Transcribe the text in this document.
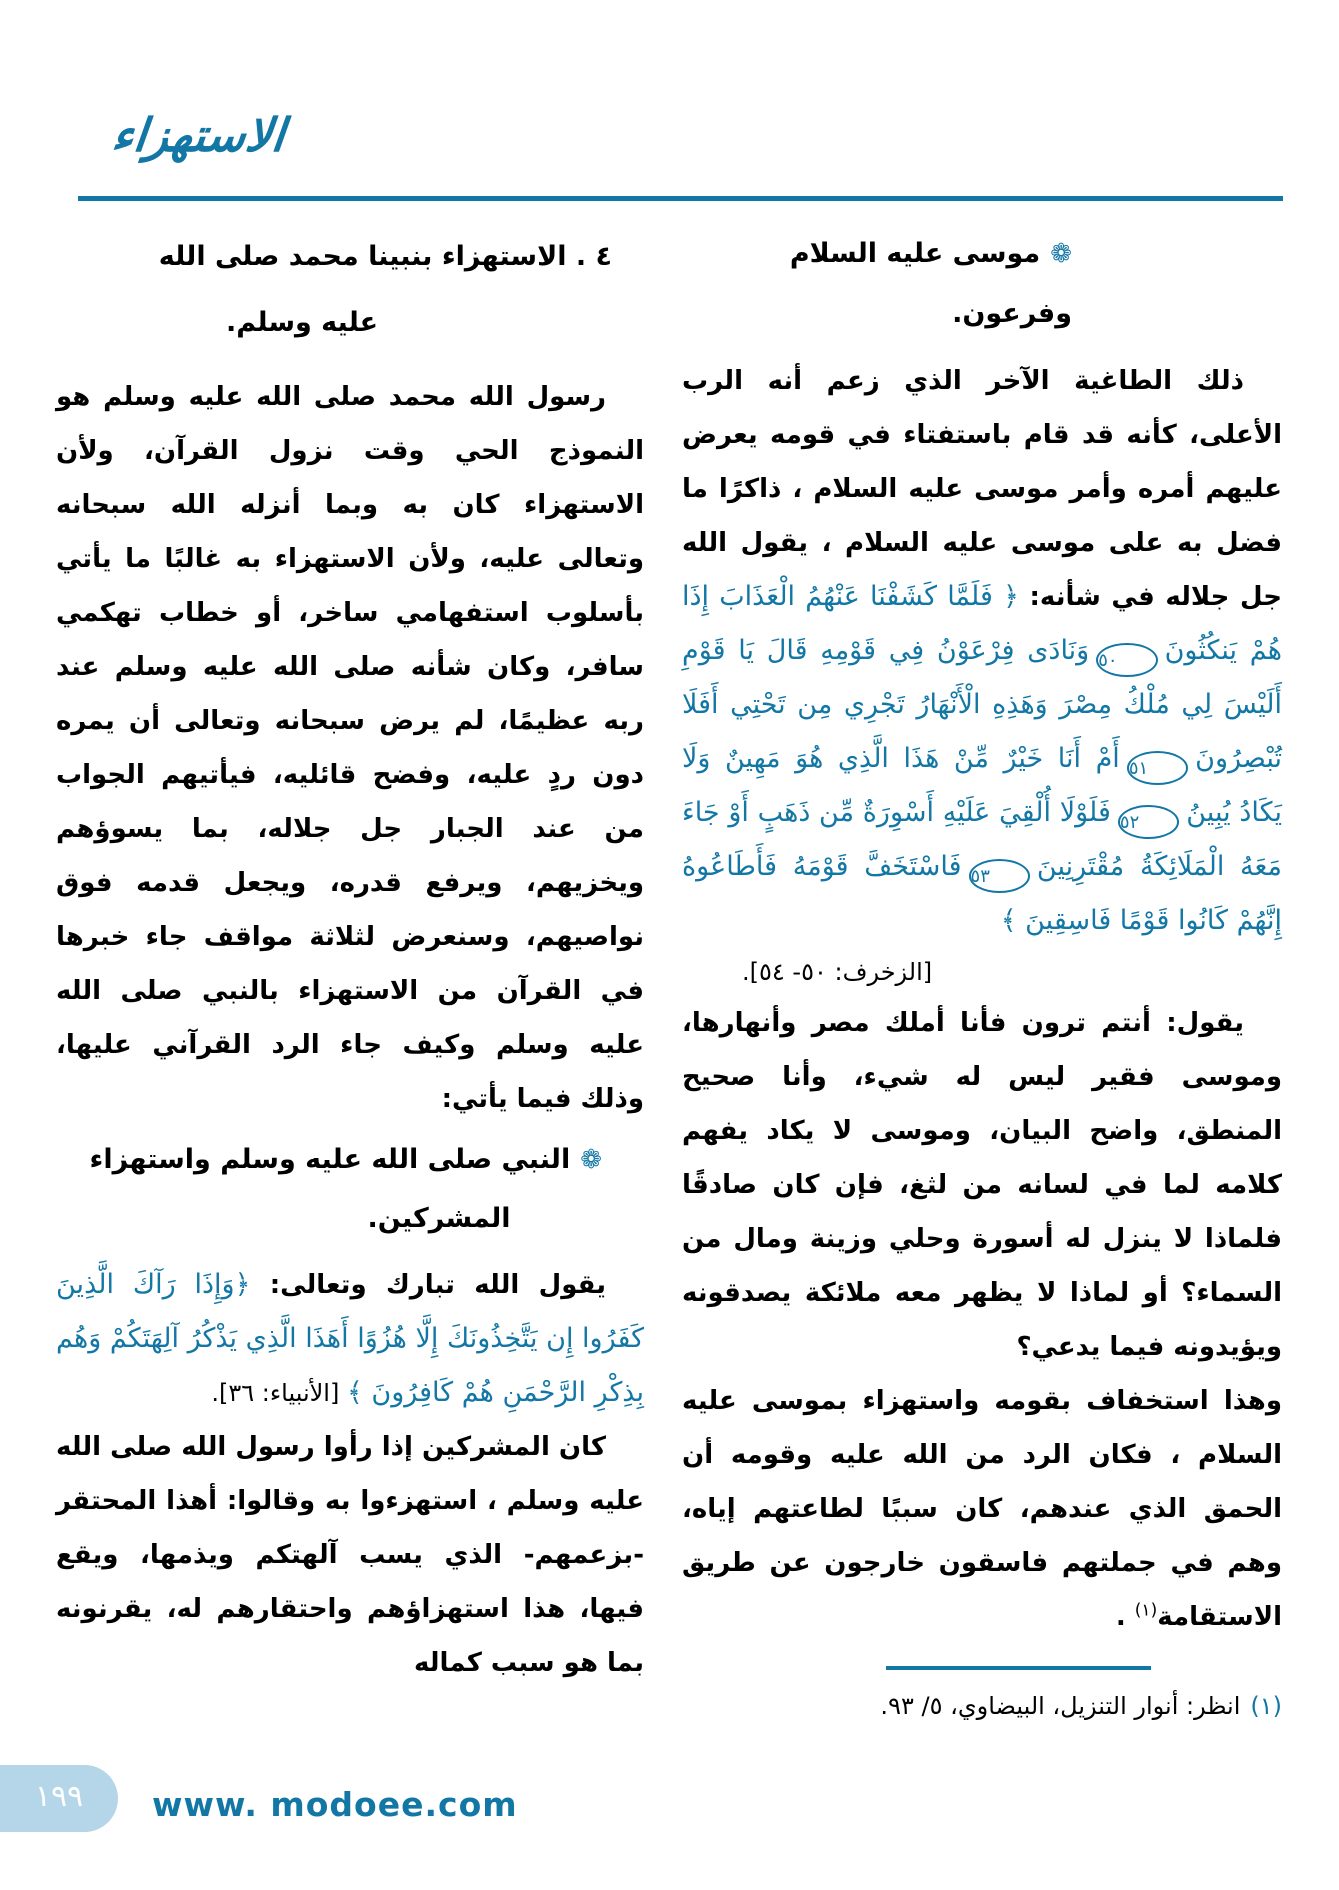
الاستهزاء
❁موسى عليه السلام وفرعون.

ذلك الطاغية الآخر الذي زعم أنه الرب الأعلى، كأنه قد قام باستفتاء في قومه يعرض عليهم أمره وأمر موسى عليه السلام ، ذاكرًا ما فضل به على موسى عليه السلام ، يقول الله جل جلاله في شأنه: ﴿ فَلَمَّا كَشَفْنَا عَنْهُمُ الْعَذَابَ إِذَا هُمْ يَنكُثُونَ٥٠وَنَادَى فِرْعَوْنُ فِي قَوْمِهِ قَالَ يَا قَوْمِ أَلَيْسَ لِي مُلْكُ مِصْرَ وَهَذِهِ الْأَنْهَارُ تَجْرِي مِن تَحْتِي أَفَلَا تُبْصِرُونَ٥١أَمْ أَنَا خَيْرٌ مِّنْ هَذَا الَّذِي هُوَ مَهِينٌ وَلَا يَكَادُ يُبِينُ٥٢فَلَوْلَا أُلْقِيَ عَلَيْهِ أَسْوِرَةٌ مِّن ذَهَبٍ أَوْ جَاءَ مَعَهُ الْمَلَائِكَةُ مُقْتَرِنِينَ٥٣فَاسْتَخَفَّ قَوْمَهُ فَأَطَاعُوهُ إِنَّهُمْ كَانُوا قَوْمًا فَاسِقِينَ ﴾

[الزخرف: ٥٠- ٥٤].

يقول: أنتم ترون فأنا أملك مصر وأنهارها، وموسى فقير ليس له شيء، وأنا صحيح المنطق، واضح البيان، وموسى لا يكاد يفهم كلامه لما في لسانه من لثغ، فإن كان صادقًا فلماذا لا ينزل له أسورة وحلي وزينة ومال من السماء؟ أو لماذا لا يظهر معه ملائكة يصدقونه ويؤيدونه فيما يدعي؟

وهذا استخفاف بقومه واستهزاء بموسى عليه السلام ، فكان الرد من الله عليه وقومه أن الحمق الذي عندهم، كان سببًا لطاعتهم إياه، وهم في جملتهم فاسقون خارجون عن طريق الاستقامة$^{(١)}$ .

(١)انظر: أنوار التنزيل، البيضاوي، ٥/ ٩٣.
٤ . الاستهزاء بنبينا محمد صلى الله
عليه وسلم.

رسول الله محمد صلى الله عليه وسلم هو النموذج الحي وقت نزول القرآن، ولأن الاستهزاء كان به وبما أنزله الله سبحانه وتعالى عليه، ولأن الاستهزاء به غالبًا ما يأتي بأسلوب استفهامي ساخر، أو خطاب تهكمي سافر، وكان شأنه صلى الله عليه وسلم عند ربه عظيمًا، لم يرض سبحانه وتعالى أن يمره دون ردٍ عليه، وفضح قائليه، فيأتيهم الجواب من عند الجبار جل جلاله، بما يسوؤهم ويخزيهم، ويرفع قدره، ويجعل قدمه فوق نواصيهم، وسنعرض لثلاثة مواقف جاء خبرها في القرآن من الاستهزاء بالنبي صلى الله عليه وسلم وكيف جاء الرد القرآني عليها، وذلك فيما يأتي:

❁النبي صلى الله عليه وسلم واستهزاء
المشركين.

يقول الله تبارك وتعالى: ﴿وَإِذَا رَآكَ الَّذِينَ كَفَرُوا إِن يَتَّخِذُونَكَ إِلَّا هُزُوًا أَهَذَا الَّذِي يَذْكُرُ آلِهَتَكُمْ وَهُم بِذِكْرِ الرَّحْمَنِ هُمْ كَافِرُونَ ﴾ [الأنبياء: ٣٦].

كان المشركين إذا رأوا رسول الله صلى الله عليه وسلم ، استهزءوا به وقالوا: أهذا المحتقر -بزعمهم- الذي يسب آلهتكم ويذمها، ويقع فيها، هذا استهزاؤهم واحتقارهم له، يقرنونه بما هو سبب كماله

١٩٩	www. modoee.com
